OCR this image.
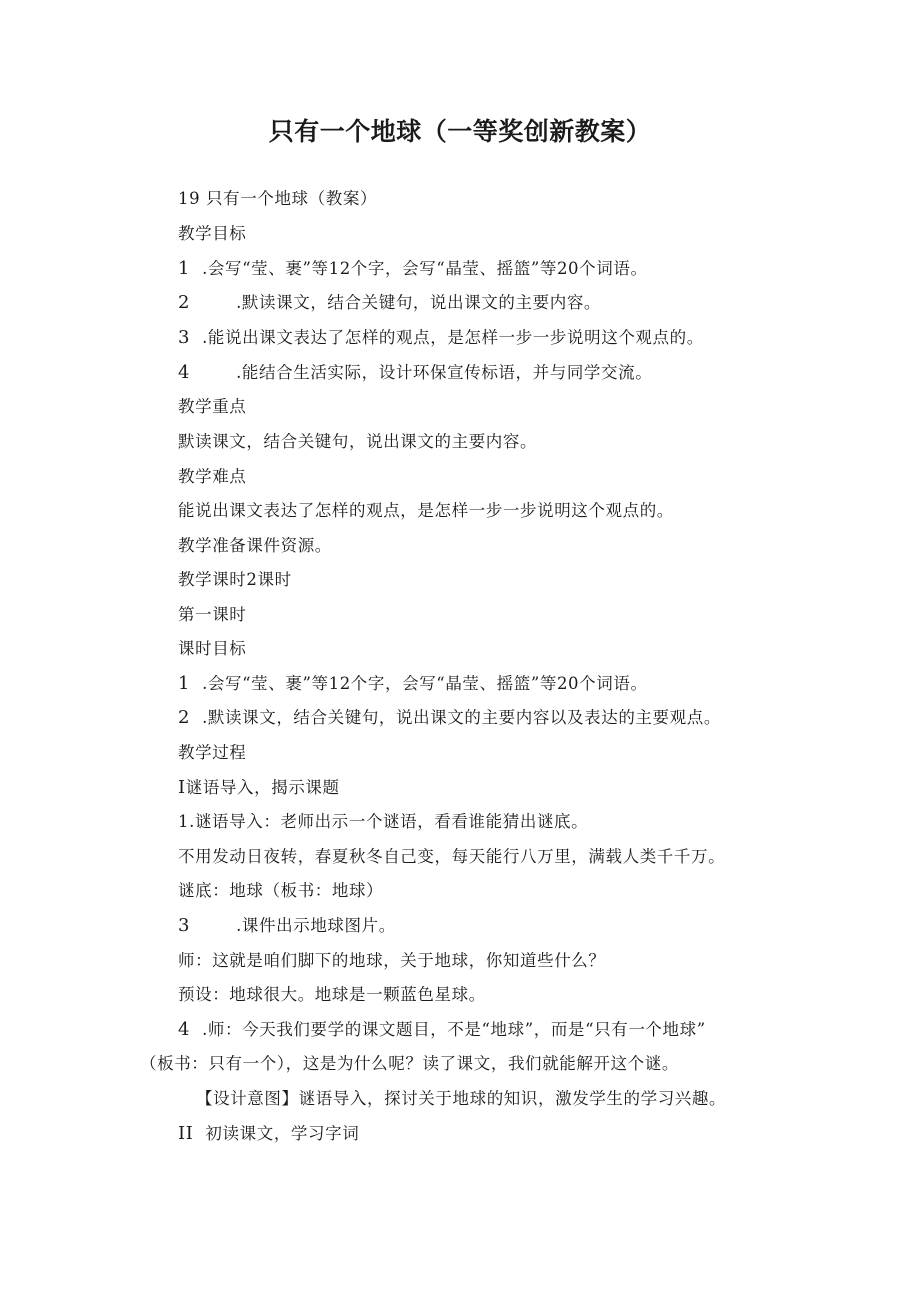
只有一个地球（一等奖创新教案）
19 只有一个地球（教案）
教学目标
1 .会写“莹、裹”等12个字，会写“晶莹、摇篮”等20个词语。
2	.默读课文，结合关键句，说出课文的主要内容。
3 .能说出课文表达了怎样的观点，是怎样一步一步说明这个观点的。
4	.能结合生活实际，设计环保宣传标语，并与同学交流。
教学重点
默读课文，结合关键句，说出课文的主要内容。
教学难点
能说出课文表达了怎样的观点，是怎样一步一步说明这个观点的。
教学准备课件资源。
教学课时2课时
第一课时
课时目标
1 .会写“莹、裹”等12个字，会写“晶莹、摇篮”等20个词语。
2 .默读课文，结合关键句，说出课文的主要内容以及表达的主要观点。
教学过程
I谜语导入，揭示课题
1.谜语导入：老师出示一个谜语，看看谁能猜出谜底。
不用发动日夜转，春夏秋冬自己变，每天能行八万里，满载人类千千万。
谜底：地球（板书：地球）
3	.课件出示地球图片。
师：这就是咱们脚下的地球，关于地球，你知道些什么？
预设：地球很大。地球是一颗蓝色星球。
4 .师：今天我们要学的课文题目，不是“地球”，而是“只有一个地球”
（板书：只有一个），这是为什么呢？读了课文，我们就能解开这个谜。
【设计意图】谜语导入，探讨关于地球的知识，激发学生的学习兴趣。
II 初读课文，学习字词
